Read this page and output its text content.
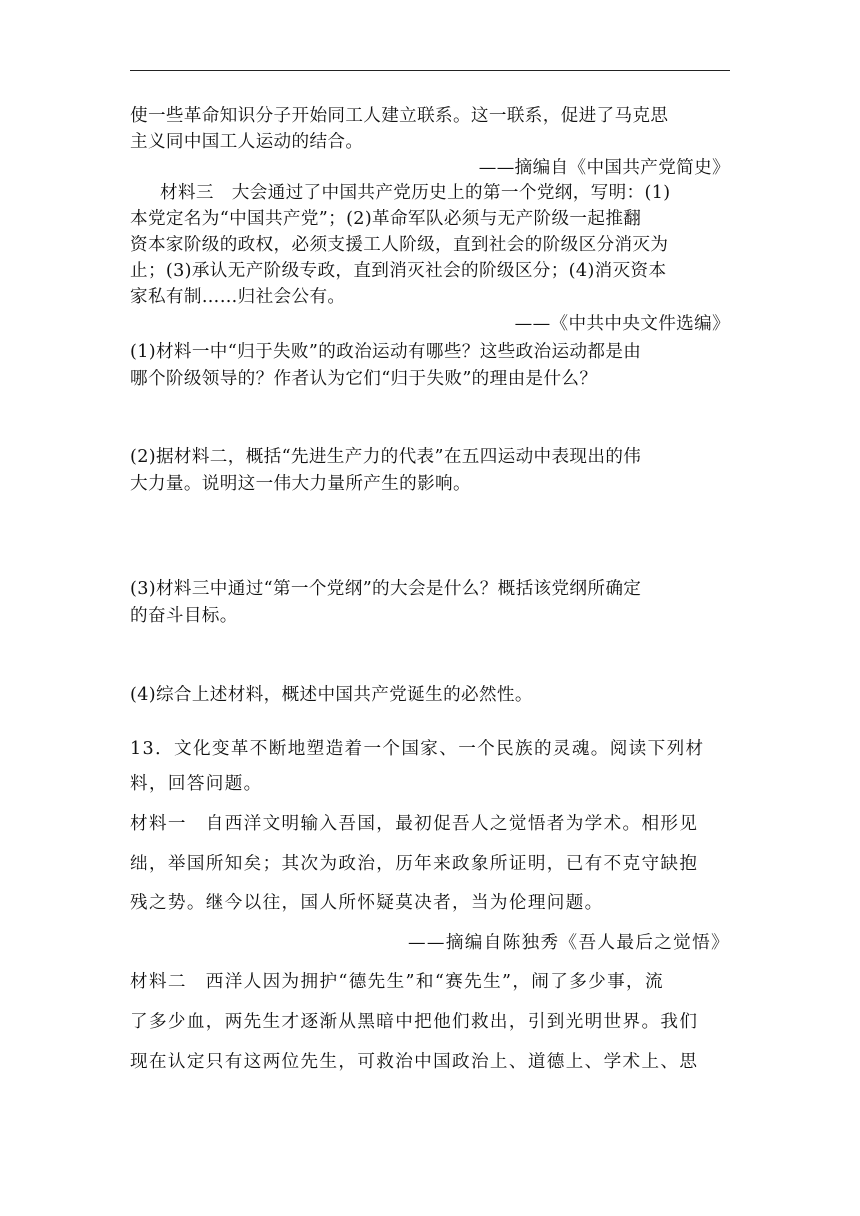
使一些革命知识分子开始同工人建立联系。这一联系，促进了马克思
主义同中国工人运动的结合。
——摘编自《中国共产党简史》
材料三　大会通过了中国共产党历史上的第一个党纲，写明：(1)
本党定名为“中国共产党”；(2)革命军队必须与无产阶级一起推翻
资本家阶级的政权，必须支援工人阶级，直到社会的阶级区分消灭为
止；(3)承认无产阶级专政，直到消灭社会的阶级区分；(4)消灭资本
家私有制……归社会公有。
——《中共中央文件选编》
(1)材料一中“归于失败”的政治运动有哪些？这些政治运动都是由
哪个阶级领导的？作者认为它们“归于失败”的理由是什么？
(2)据材料二，概括“先进生产力的代表”在五四运动中表现出的伟
大力量。说明这一伟大力量所产生的影响。
(3)材料三中通过“第一个党纲”的大会是什么？概括该党纲所确定
的奋斗目标。
(4)综合上述材料，概述中国共产党诞生的必然性。
13．文化变革不断地塑造着一个国家、一个民族的灵魂。阅读下列材
料，回答问题。
材料一　自西洋文明输入吾国，最初促吾人之觉悟者为学术。相形见
绌，举国所知矣；其次为政治，历年来政象所证明，已有不克守缺抱
残之势。继今以往，国人所怀疑莫决者，当为伦理问题。
——摘编自陈独秀《吾人最后之觉悟》
材料二　西洋人因为拥护“德先生”和“赛先生”，闹了多少事，流
了多少血，两先生才逐渐从黑暗中把他们救出，引到光明世界。我们
现在认定只有这两位先生，可救治中国政治上、道德上、学术上、思
